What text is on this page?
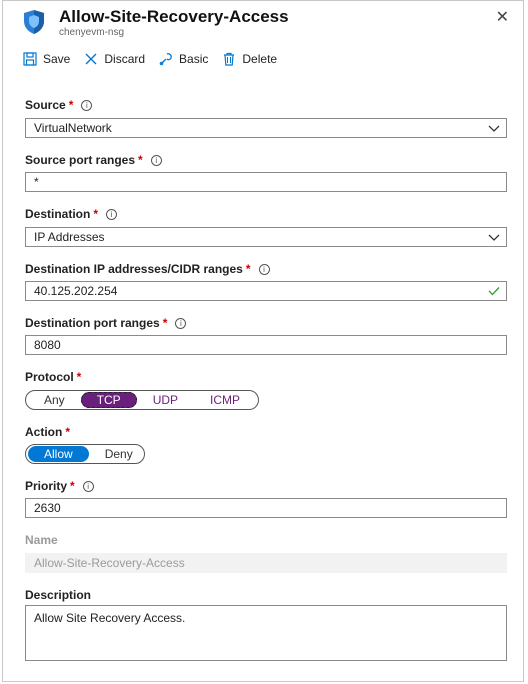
Allow-Site-Recovery-Access
chenyevm-nsg
✕
Save	Discard	Basic	Delete
Source * i
VirtualNetwork
Source port ranges * i
*
Destination * i
IP Addresses
Destination IP addresses/CIDR ranges * i
40.125.202.254
Destination port ranges * i
8080
Protocol *
Any	TCP	UDP	ICMP
Action *
Allow	Deny
Priority * i
2630
Name
Allow-Site-Recovery-Access
Description
Allow Site Recovery Access.
